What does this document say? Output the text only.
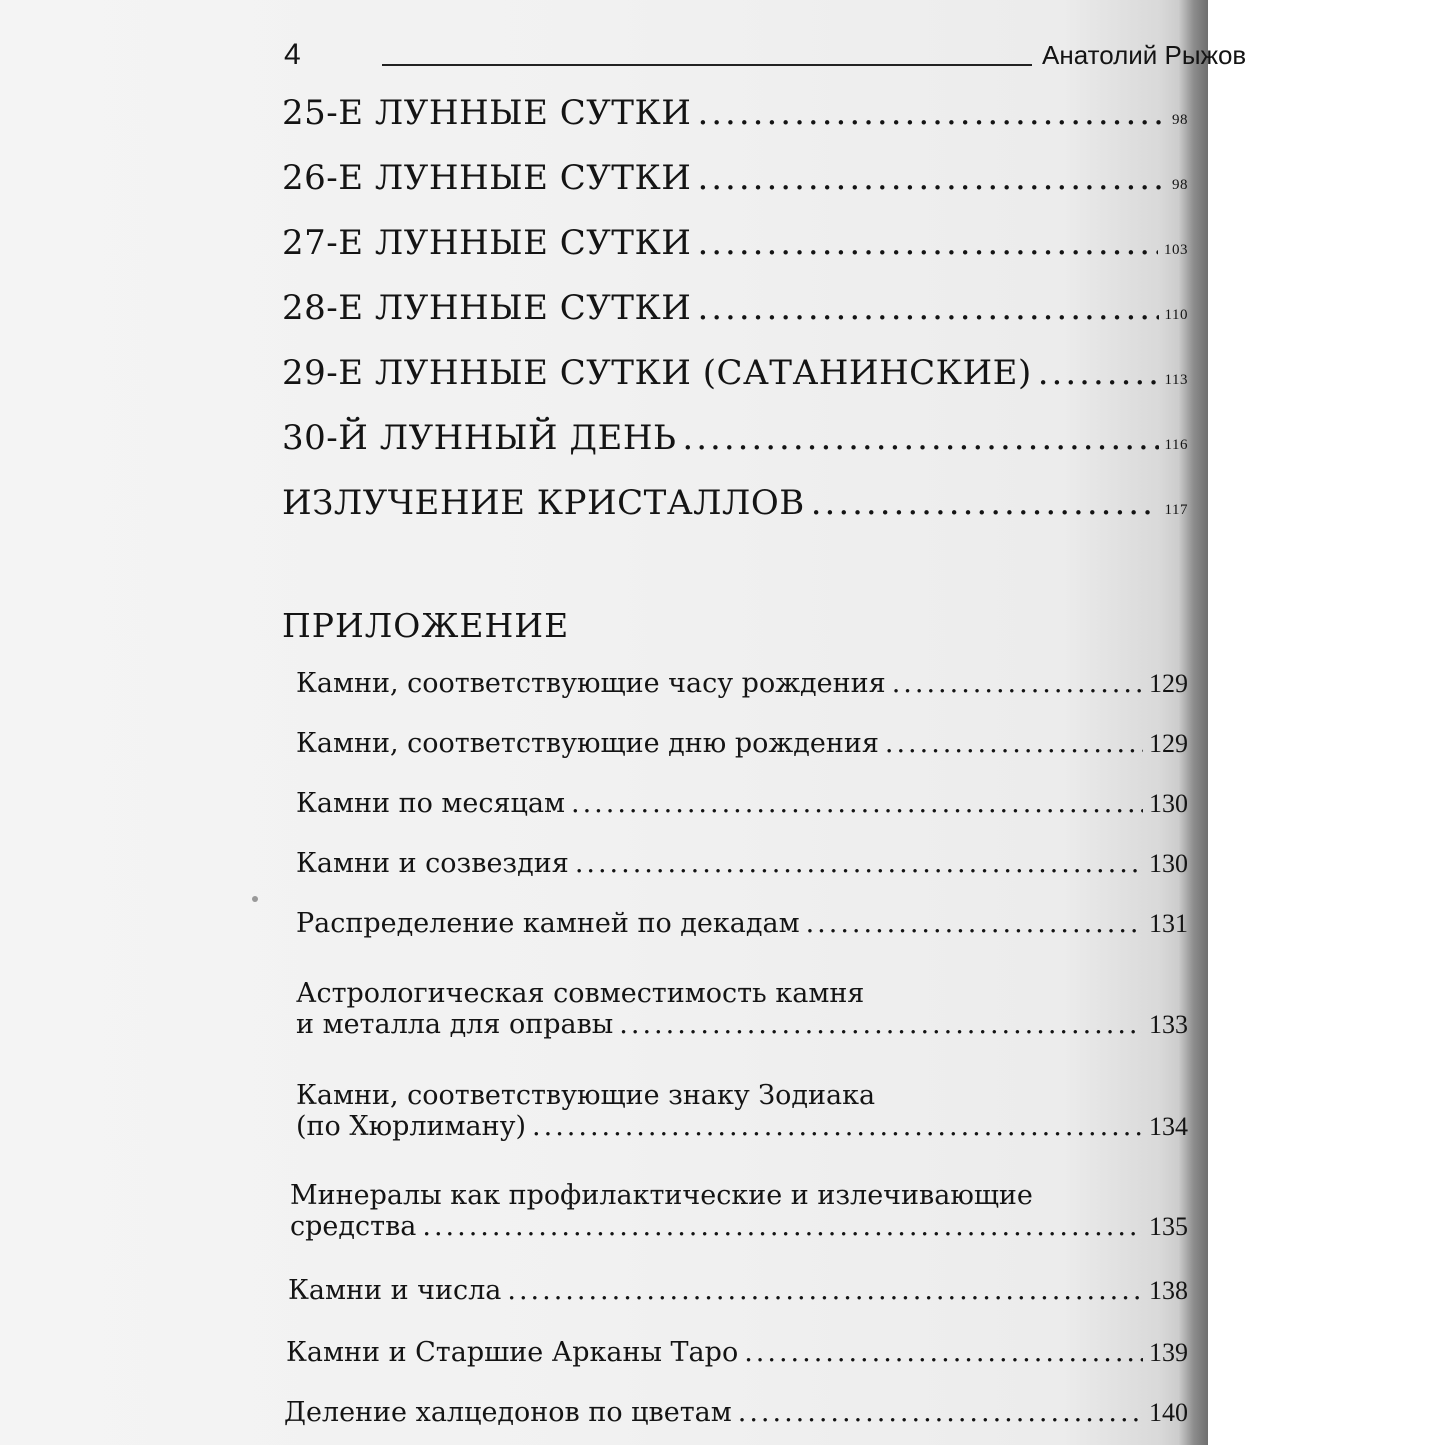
4	Анатолий Рыжов
25-Е ЛУННЫЕ СУТКИ .....	98
26-Е ЛУННЫЕ СУТКИ .....	98
27-Е ЛУННЫЕ СУТКИ .....	103
28-Е ЛУННЫЕ СУТКИ .....	110
29-Е ЛУННЫЕ СУТКИ (САТАНИНСКИЕ) .....	113
30-Й ЛУННЫЙ ДЕНЬ .....	116
ИЗЛУЧЕНИЕ КРИСТАЛЛОВ .....	117
ПРИЛОЖЕНИЕ
Камни, соответствующие часу рождения .....	129
Камни, соответствующие дню рождения .....	129
Камни по месяцам .....	130
Камни и созвездия .....	130
Распределение камней по декадам .....	131
Астрологическая совместимость камня
и металла для оправы .....	133
Камни, соответствующие знаку Зодиака
(по Хюрлиману) .....	134
Минералы как профилактические и излечивающие
средства .....	135
Камни и числа .....	138
Камни и Старшие Арканы Таро .....	139
Деление халцедонов по цветам .....	140
